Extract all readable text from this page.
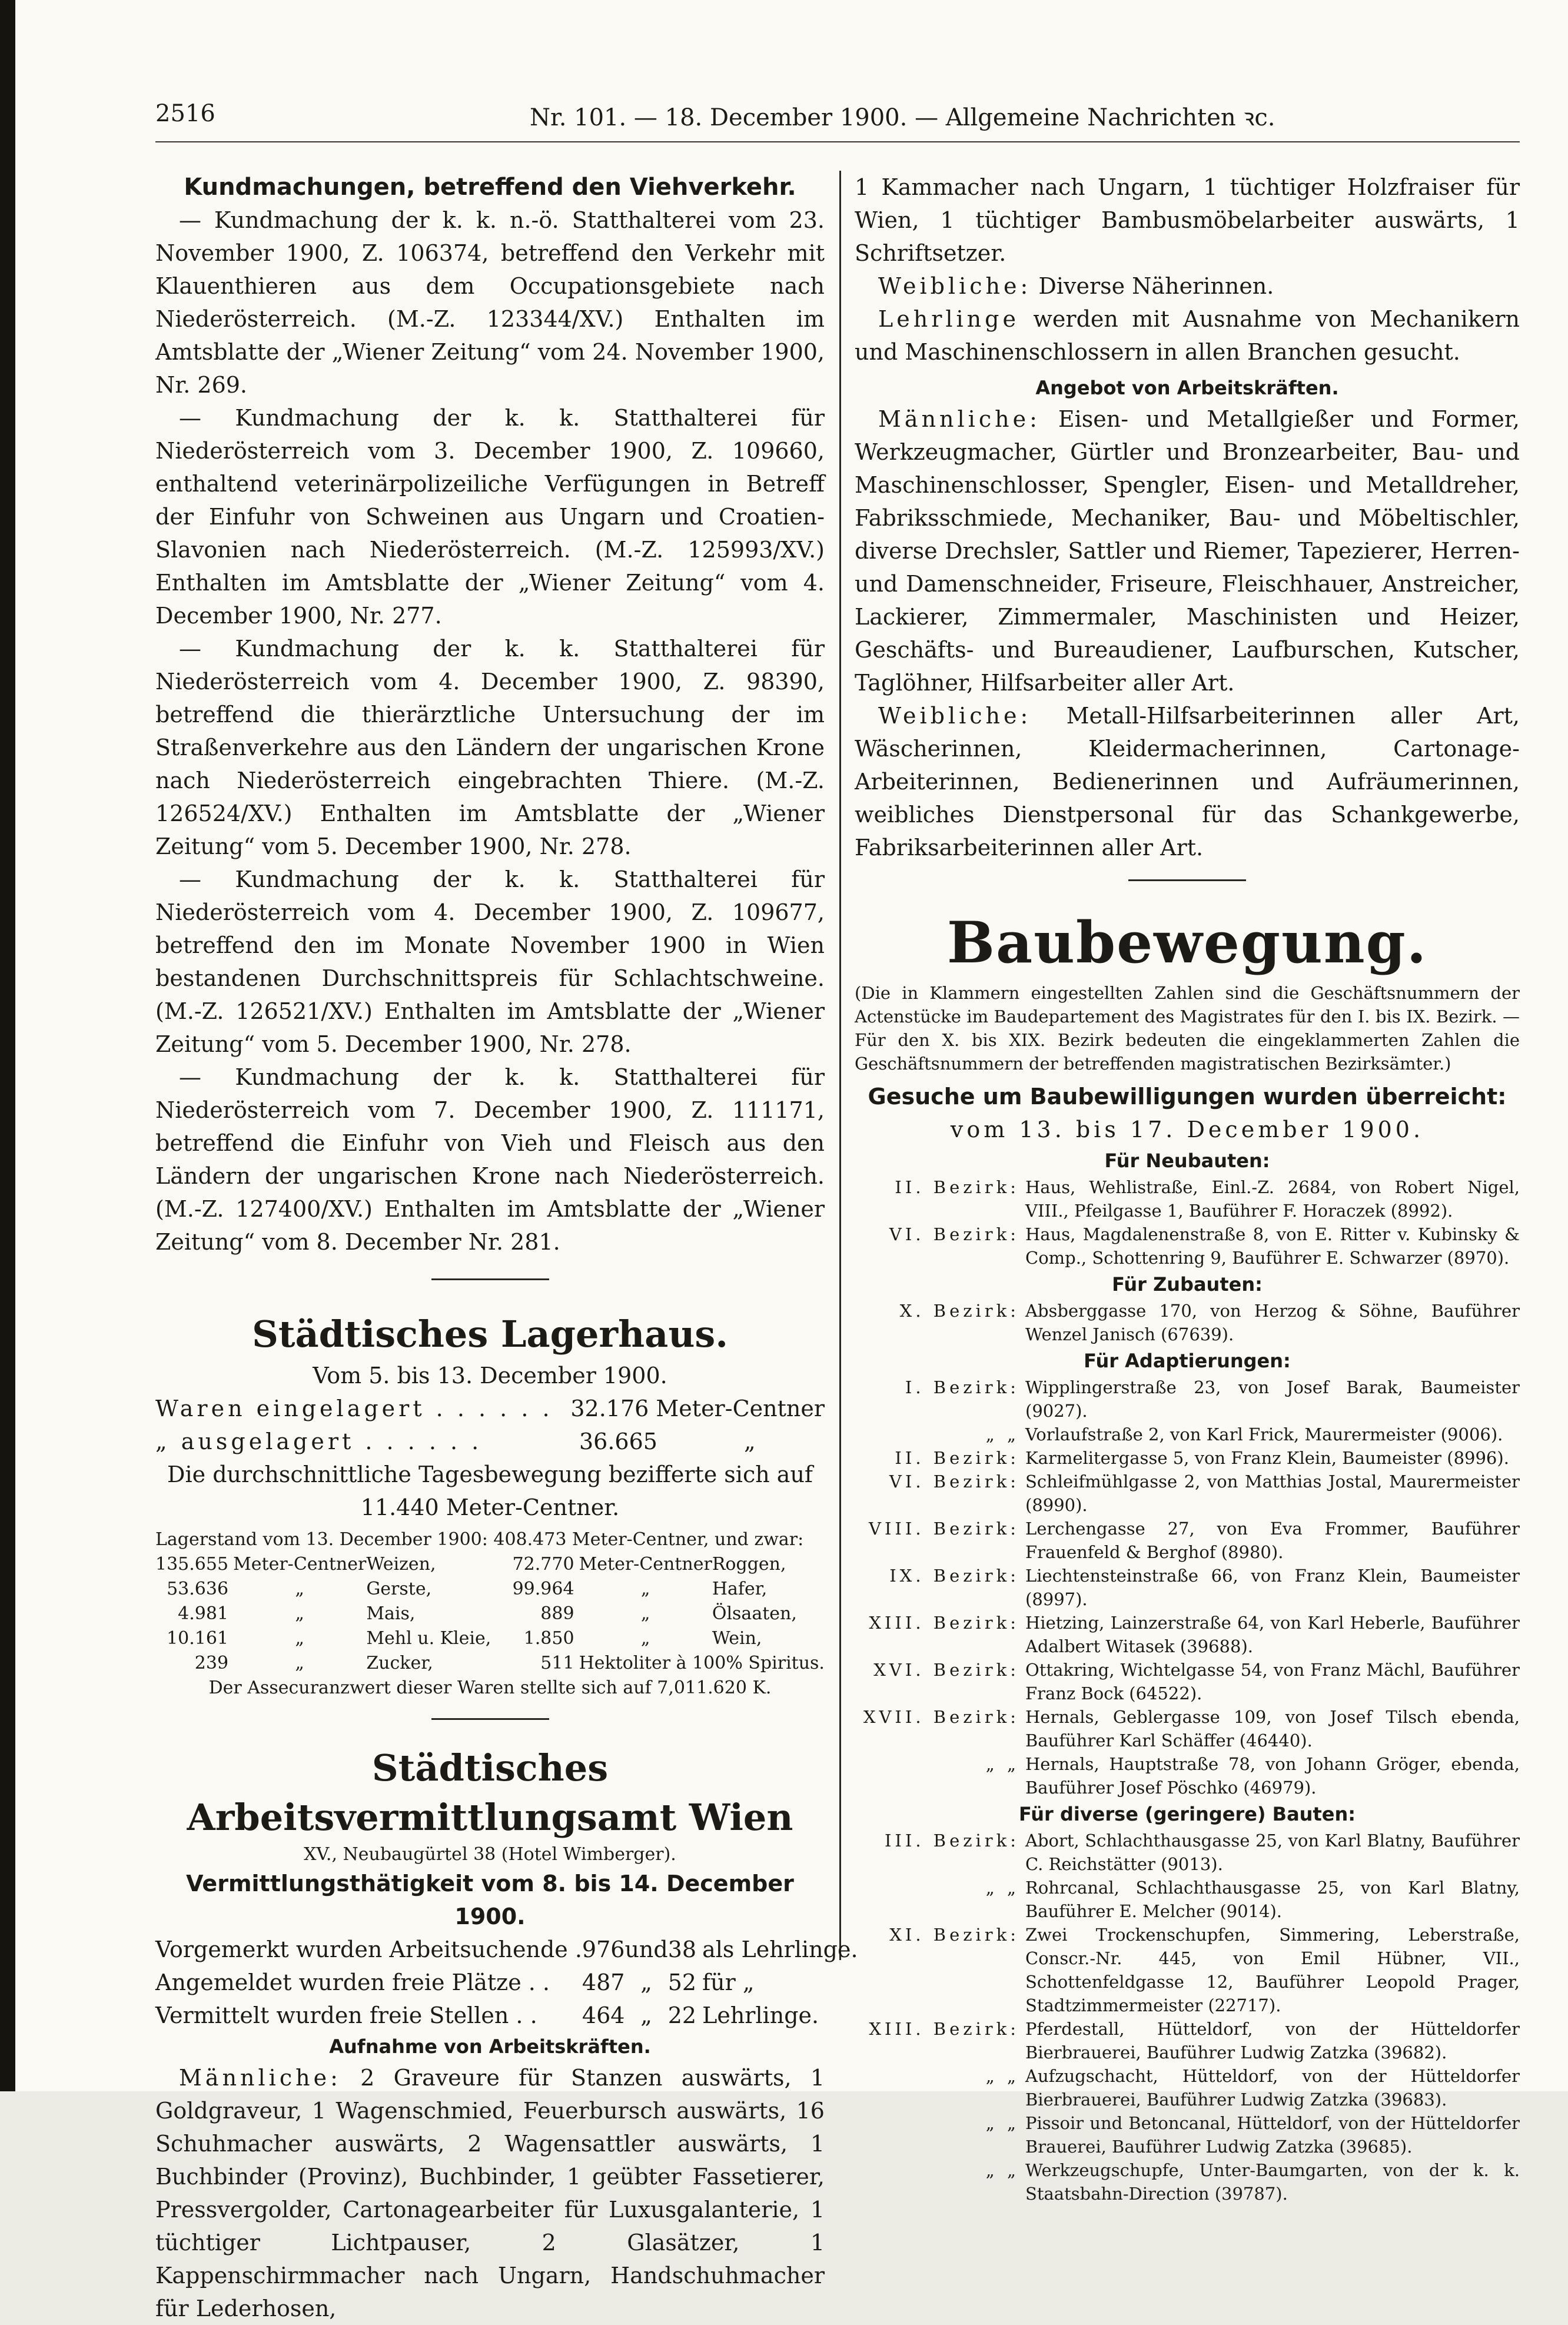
2516	Nr. 101. — 18. December 1900. — Allgemeine Nachrichten ꝛc.
Kundmachungen, betreffend den Viehverkehr.

— Kundmachung der k. k. n.-ö. Statthalterei vom 23. November 1900, Z. 106374, betreffend den Verkehr mit Klauenthieren aus dem Occupationsgebiete nach Niederösterreich. (M.-Z. 123344/XV.) Enthalten im Amtsblatte der „Wiener Zeitung“ vom 24. November 1900, Nr. 269.

— Kundmachung der k. k. Statthalterei für Niederösterreich vom 3. December 1900, Z. 109660, enthaltend veterinärpolizeiliche Verfügungen in Betreff der Einfuhr von Schweinen aus Ungarn und Croatien-Slavonien nach Niederösterreich. (M.-Z. 125993/XV.) Enthalten im Amtsblatte der „Wiener Zeitung“ vom 4. December 1900, Nr. 277.

— Kundmachung der k. k. Statthalterei für Niederösterreich vom 4. December 1900, Z. 98390, betreffend die thierärztliche Untersuchung der im Straßenverkehre aus den Ländern der ungarischen Krone nach Niederösterreich eingebrachten Thiere. (M.-Z. 126524/XV.) Enthalten im Amtsblatte der „Wiener Zeitung“ vom 5. December 1900, Nr. 278.

— Kundmachung der k. k. Statthalterei für Niederösterreich vom 4. December 1900, Z. 109677, betreffend den im Monate November 1900 in Wien bestandenen Durchschnittspreis für Schlachtschweine. (M.-Z. 126521/XV.) Enthalten im Amtsblatte der „Wiener Zeitung“ vom 5. December 1900, Nr. 278.

— Kundmachung der k. k. Statthalterei für Niederösterreich vom 7. December 1900, Z. 111171, betreffend die Einfuhr von Vieh und Fleisch aus den Ländern der ungarischen Krone nach Niederösterreich. (M.-Z. 127400/XV.) Enthalten im Amtsblatte der „Wiener Zeitung“ vom 8. December Nr. 281.

Städtisches Lagerhaus.
Vom 5. bis 13. December 1900.
Waren eingelagert . . . . . . 32.176 Meter-Centner
„ ausgelagert . . . . . .	36.665	„
Die durchschnittliche Tagesbewegung bezifferte sich auf
11.440 Meter-Centner.
Lagerstand vom 13. December 1900: 408.473 Meter-Centner, und zwar:
135.655	Meter-Centner	Weizen,	72.770	Meter-Centner	Roggen,
53.636	„	Gerste,	99.964	„	Hafer,
4.981	„	Mais,	889	„	Ölsaaten,
10.161	„	Mehl u. Kleie,	1.850	„	Wein,
239	„	Zucker,	511	Hektoliter à 100% Spiritus.	
Der Assecuranzwert dieser Waren stellte sich auf 7,011.620 K.
Städtisches Arbeitsvermittlungsamt Wien
XV., Neubaugürtel 38 (Hotel Wimberger).
Vermittlungsthätigkeit vom 8. bis 14. December 1900.
Vorgemerkt wurden Arbeitsuchende .	976	und	38	als Lehrlinge.
Angemeldet wurden freie Plätze . .	487	„	52	für „
Vermittelt wurden freie Stellen . .	464	„	22	Lehrlinge.
Aufnahme von Arbeitskräften.

Männliche: 2 Graveure für Stanzen auswärts, 1 Goldgraveur, 1 Wagenschmied, Feuerbursch auswärts, 16 Schuhmacher auswärts, 2 Wagensattler auswärts, 1 Buchbinder (Provinz), Buchbinder, 1 geübter Fassetierer, Pressvergolder, Cartonagearbeiter für Luxusgalanterie, 1 tüchtiger Lichtpauser, 2 Glasätzer, 1 Kappenschirmmacher nach Ungarn, Handschuhmacher für Lederhosen,

1 Kammacher nach Ungarn, 1 tüchtiger Holzfraiser für Wien, 1 tüchtiger Bambusmöbelarbeiter auswärts, 1 Schriftsetzer.

Weibliche: Diverse Näherinnen.

Lehrlinge werden mit Ausnahme von Mechanikern und Maschinenschlossern in allen Branchen gesucht.

Angebot von Arbeitskräften.

Männliche: Eisen- und Metallgießer und Former, Werkzeugmacher, Gürtler und Bronzearbeiter, Bau- und Maschinenschlosser, Spengler, Eisen- und Metalldreher, Fabriksschmiede, Mechaniker, Bau- und Möbeltischler, diverse Drechsler, Sattler und Riemer, Tapezierer, Herren- und Damenschneider, Friseure, Fleischhauer, Anstreicher, Lackierer, Zimmermaler, Maschinisten und Heizer, Geschäfts- und Bureaudiener, Laufburschen, Kutscher, Taglöhner, Hilfsarbeiter aller Art.

Weibliche: Metall-Hilfsarbeiterinnen aller Art, Wäscherinnen, Kleidermacherinnen, Cartonage-Arbeiterinnen, Bedienerinnen und Aufräumerinnen, weibliches Dienstpersonal für das Schankgewerbe, Fabriksarbeiterinnen aller Art.

Baubewegung.

(Die in Klammern eingestellten Zahlen sind die Geschäftsnummern der Actenstücke im Baudepartement des Magistrates für den I. bis IX. Bezirk. — Für den X. bis XIX. Bezirk bedeuten die eingeklammerten Zahlen die Geschäftsnummern der betreffenden magistratischen Bezirksämter.)

Gesuche um Baubewilligungen wurden überreicht:
vom 13. bis 17. December 1900.
Für Neubauten:
II. Bezirk: Haus, Wehlistraße, Einl.-Z. 2684, von Robert Nigel, VIII., Pfeilgasse 1, Bauführer F. Horaczek (8992).
VI. Bezirk: Haus, Magdalenenstraße 8, von E. Ritter v. Kubinsky & Comp., Schottenring 9, Bauführer E. Schwarzer (8970).
Für Zubauten:
X. Bezirk: Absberggasse 170, von Herzog & Söhne, Bauführer Wenzel Janisch (67639).
Für Adaptierungen:
I. Bezirk: Wipplingerstraße 23, von Josef Barak, Baumeister (9027).
„ „ Vorlaufstraße 2, von Karl Frick, Maurermeister (9006).
II. Bezirk: Karmelitergasse 5, von Franz Klein, Baumeister (8996).
VI. Bezirk: Schleifmühlgasse 2, von Matthias Jostal, Maurermeister (8990).
VIII. Bezirk: Lerchengasse 27, von Eva Frommer, Bauführer Frauenfeld & Berghof (8980).
IX. Bezirk: Liechtensteinstraße 66, von Franz Klein, Baumeister (8997).
XIII. Bezirk: Hietzing, Lainzerstraße 64, von Karl Heberle, Bauführer Adalbert Witasek (39688).
XVI. Bezirk: Ottakring, Wichtelgasse 54, von Franz Mächl, Bauführer Franz Bock (64522).
XVII. Bezirk: Hernals, Geblergasse 109, von Josef Tilsch ebenda, Bauführer Karl Schäffer (46440).
„ „ Hernals, Hauptstraße 78, von Johann Gröger, ebenda, Bauführer Josef Pöschko (46979).
Für diverse (geringere) Bauten:
III. Bezirk: Abort, Schlachthausgasse 25, von Karl Blatny, Bauführer C. Reichstätter (9013).
„ „ Rohrcanal, Schlachthausgasse 25, von Karl Blatny, Bauführer E. Melcher (9014).
XI. Bezirk: Zwei Trockenschupfen, Simmering, Leberstraße, Conscr.-Nr. 445, von Emil Hübner, VII., Schottenfeldgasse 12, Bauführer Leopold Prager, Stadtzimmermeister (22717).
XIII. Bezirk: Pferdestall, Hütteldorf, von der Hütteldorfer Bierbrauerei, Bauführer Ludwig Zatzka (39682).
„ „ Aufzugschacht, Hütteldorf, von der Hütteldorfer Bierbrauerei, Bauführer Ludwig Zatzka (39683).
„ „ Pissoir und Betoncanal, Hütteldorf, von der Hütteldorfer Brauerei, Bauführer Ludwig Zatzka (39685).
„ „ Werkzeugschupfe, Unter-Baumgarten, von der k. k. Staatsbahn-Direction (39787).
